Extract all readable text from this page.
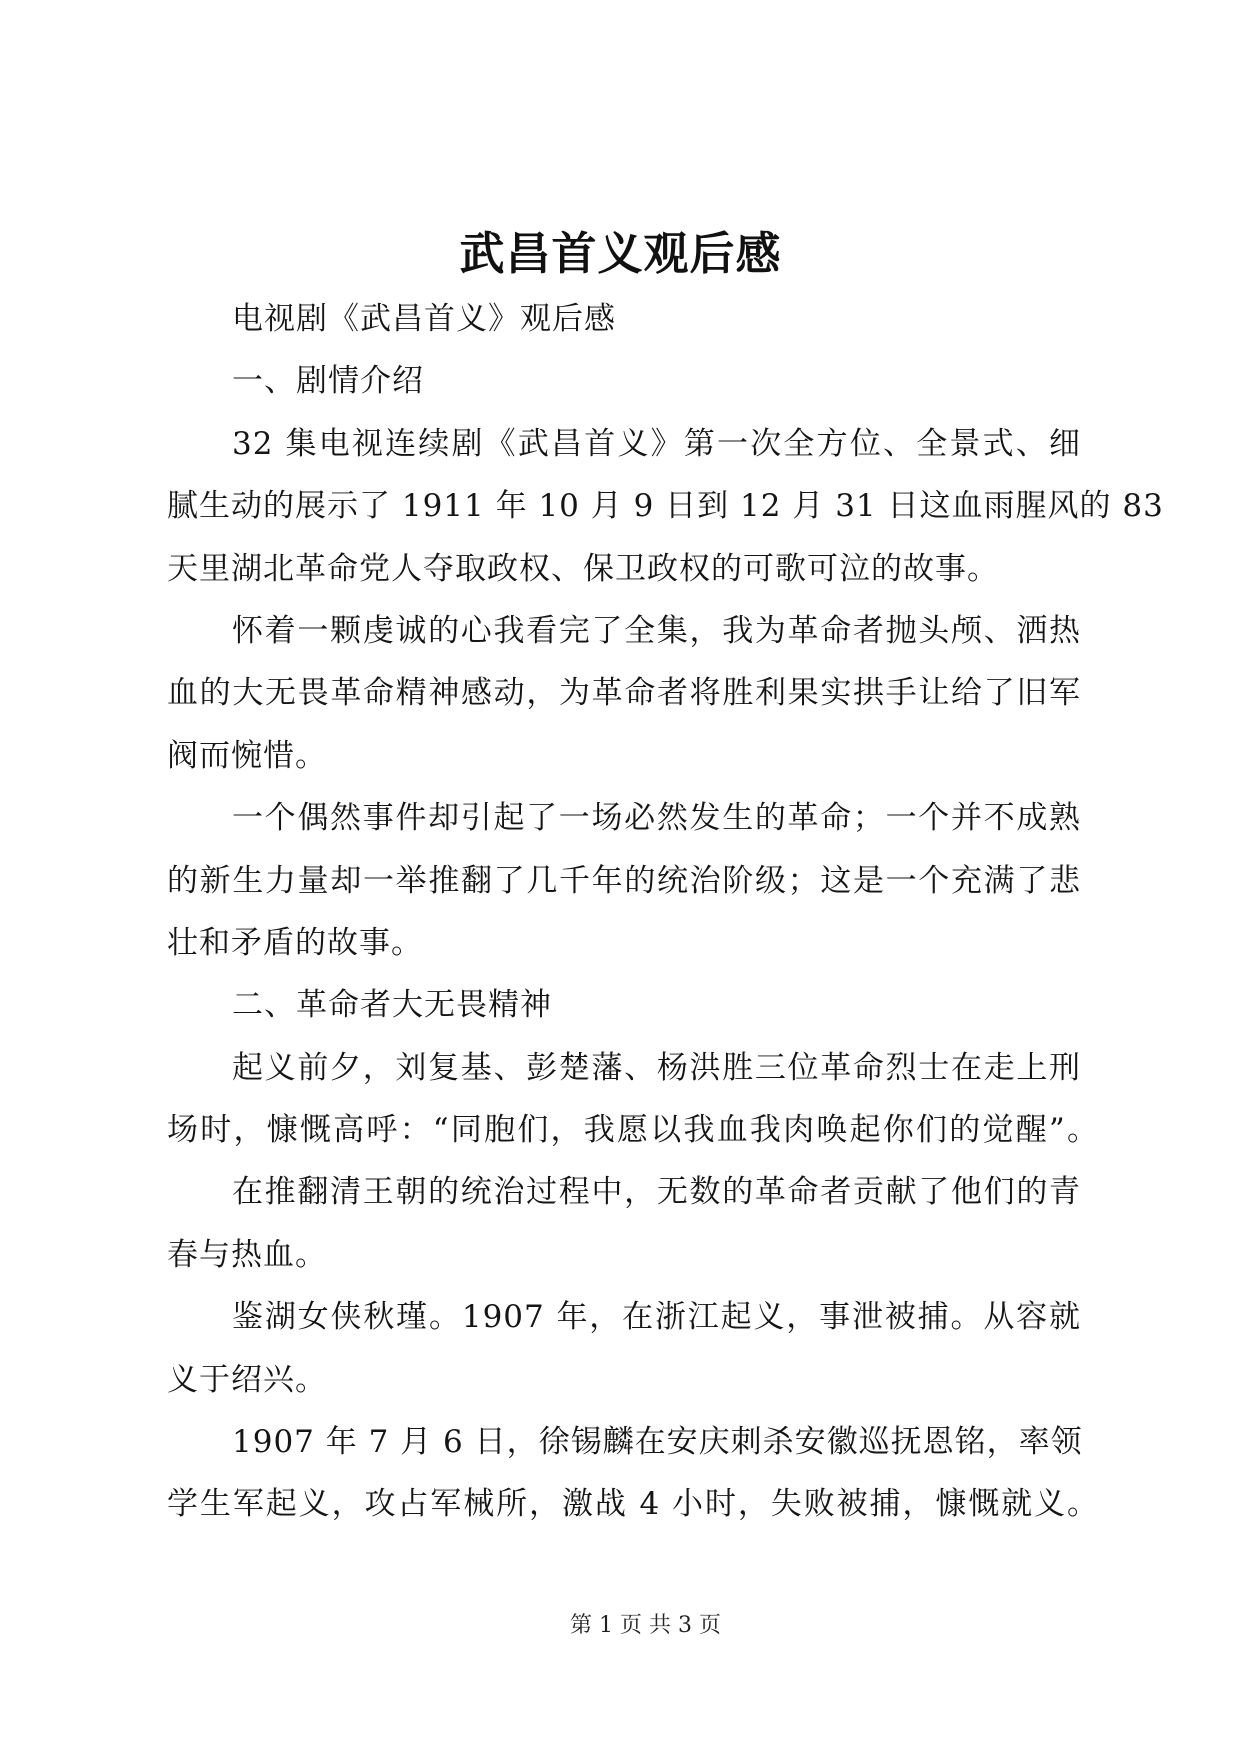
武昌首义观后感
电视剧《武昌首义》观后感
一、剧情介绍
32 集电视连续剧《武昌首义》第一次全方位、全景式、细
腻生动的展示了 1911 年 10 月 9 日到 12 月 31 日这血雨腥风的 83
天里湖北革命党人夺取政权、保卫政权的可歌可泣的故事。
怀着一颗虔诚的心我看完了全集，我为革命者抛头颅、洒热
血的大无畏革命精神感动，为革命者将胜利果实拱手让给了旧军
阀而惋惜。
一个偶然事件却引起了一场必然发生的革命；一个并不成熟
的新生力量却一举推翻了几千年的统治阶级；这是一个充满了悲
壮和矛盾的故事。
二、革命者大无畏精神
起义前夕，刘复基、彭楚藩、杨洪胜三位革命烈士在走上刑
场时，慷慨高呼：“同胞们，我愿以我血我肉唤起你们的觉醒”。
在推翻清王朝的统治过程中，无数的革命者贡献了他们的青
春与热血。
鉴湖女侠秋瑾。1907 年，在浙江起义，事泄被捕。从容就
义于绍兴。
1907 年 7 月 6 日，徐锡麟在安庆刺杀安徽巡抚恩铭，率领
学生军起义，攻占军械所，激战 4 小时，失败被捕，慷慨就义。
第 1 页 共 3 页
